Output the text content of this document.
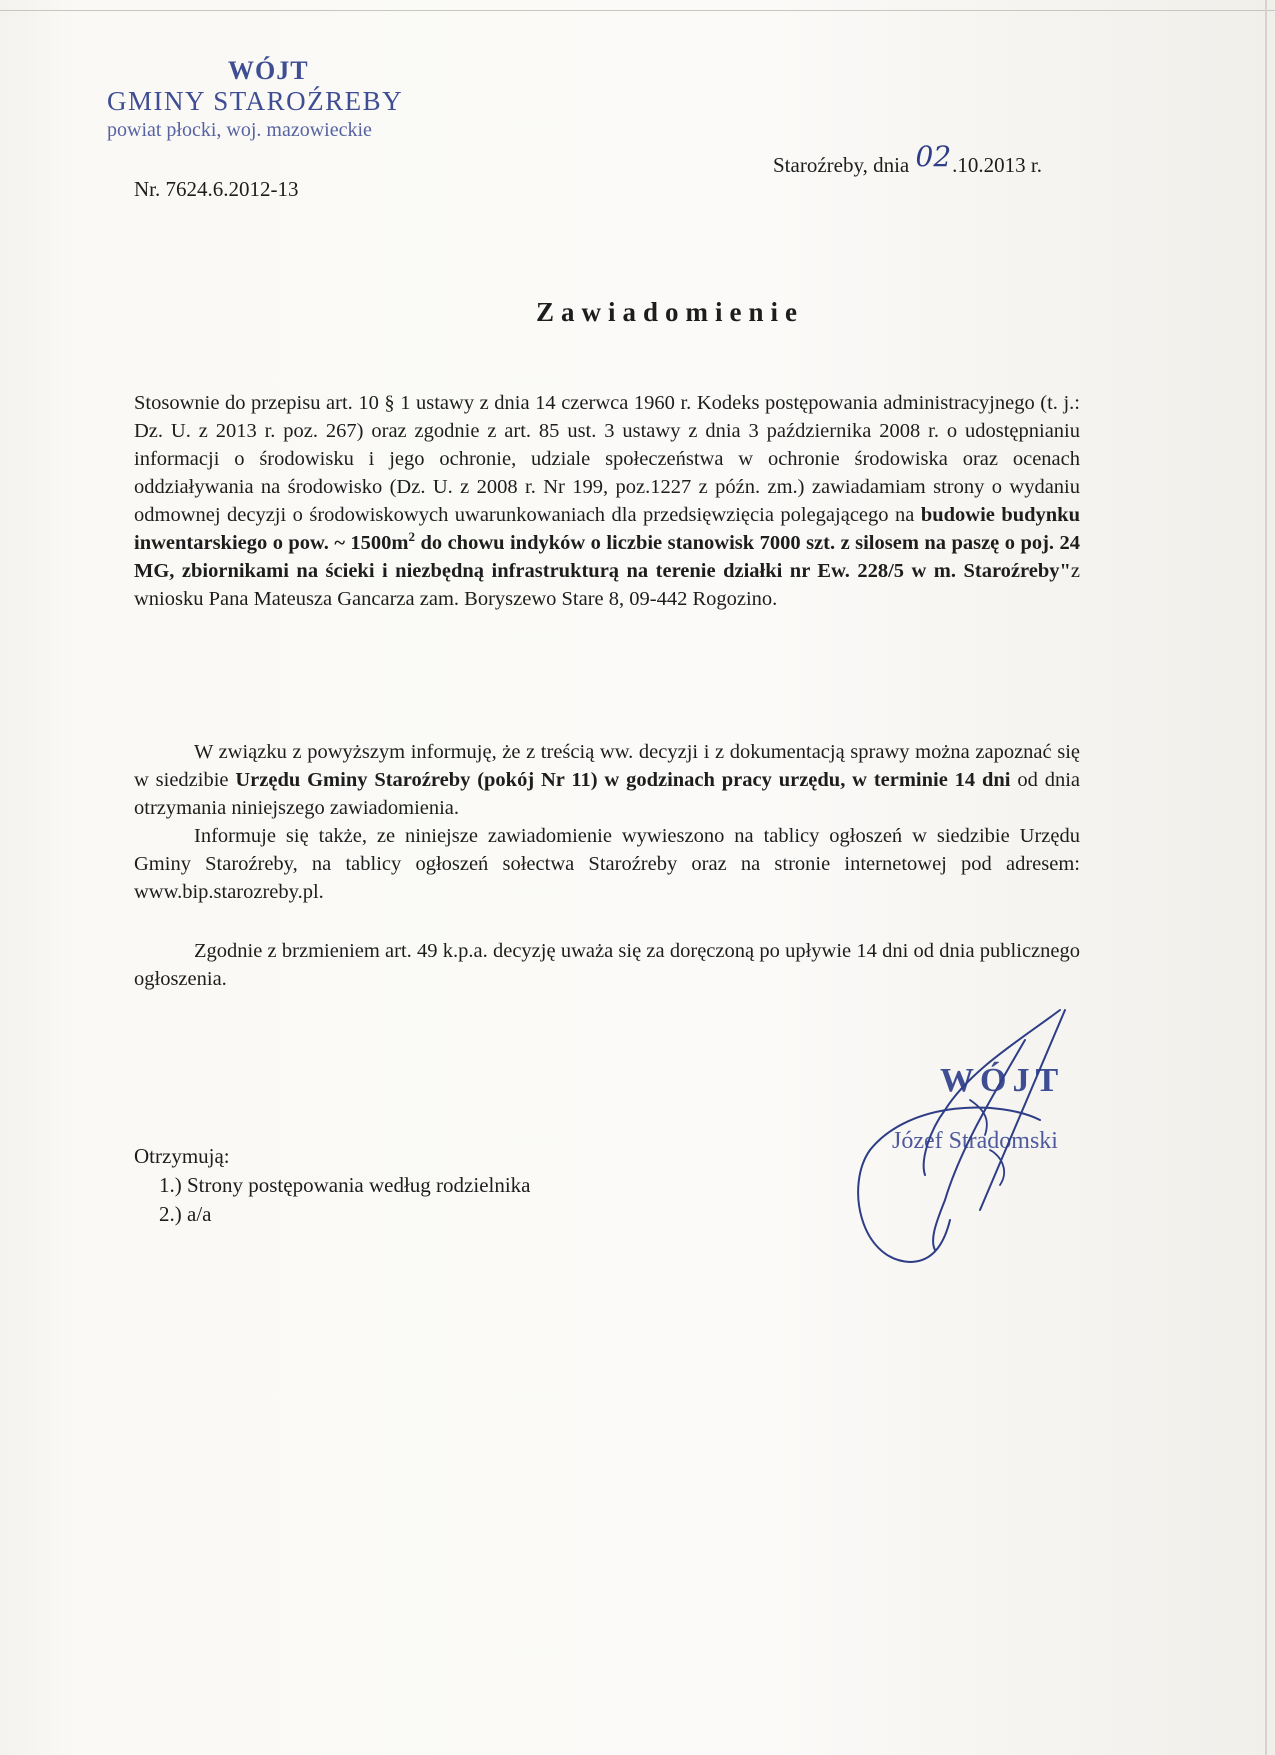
WÓJT
GMINY STAROŹREBY
powiat płocki, woj. mazowieckie
Nr. 7624.6.2012-13
Staroźreby, dnia 02.10.2013 r.
Zawiadomienie
Stosownie do przepisu art. 10 § 1 ustawy z dnia 14 czerwca 1960 r. Kodeks postępowania administracyjnego (t. j.: Dz. U. z 2013 r. poz. 267) oraz zgodnie z art. 85 ust. 3 ustawy z dnia 3 października 2008 r. o udostępnianiu informacji o środowisku i jego ochronie, udziale społeczeństwa w ochronie środowiska oraz ocenach oddziaływania na środowisko (Dz. U. z 2008 r. Nr 199, poz.1227 z późn. zm.) zawiadamiam strony o wydaniu odmownej decyzji o środowiskowych uwarunkowaniach dla przedsięwzięcia polegającego na budowie budynku inwentarskiego o pow. ~ $1500m^2$ do chowu indyków o liczbie stanowisk 7000 szt. z silosem na paszę o poj. 24 MG, zbiornikami na ścieki i niezbędną infrastrukturą na terenie działki nr Ew. 228/5 w m. Staroźreby"z wniosku Pana Mateusza Gancarza zam. Boryszewo Stare 8, 09-442 Rogozino.
W związku z powyższym informuję, że z treścią ww. decyzji i z dokumentacją sprawy można zapoznać się w siedzibie Urzędu Gminy Staroźreby (pokój Nr 11) w godzinach pracy urzędu, w terminie 14 dni od dnia otrzymania niniejszego zawiadomienia.
Informuje się także, ze niniejsze zawiadomienie wywieszono na tablicy ogłoszeń w siedzibie Urzędu Gminy Staroźreby, na tablicy ogłoszeń sołectwa Staroźreby oraz na stronie internetowej pod adresem: www.bip.starozreby.pl.
Zgodnie z brzmieniem art. 49 k.p.a. decyzję uważa się za doręczoną po upływie 14 dni od dnia publicznego ogłoszenia.
Otrzymują:
1.) Strony postępowania według rodzielnika
2.) a/a
WÓJT
Józef Stradomski
